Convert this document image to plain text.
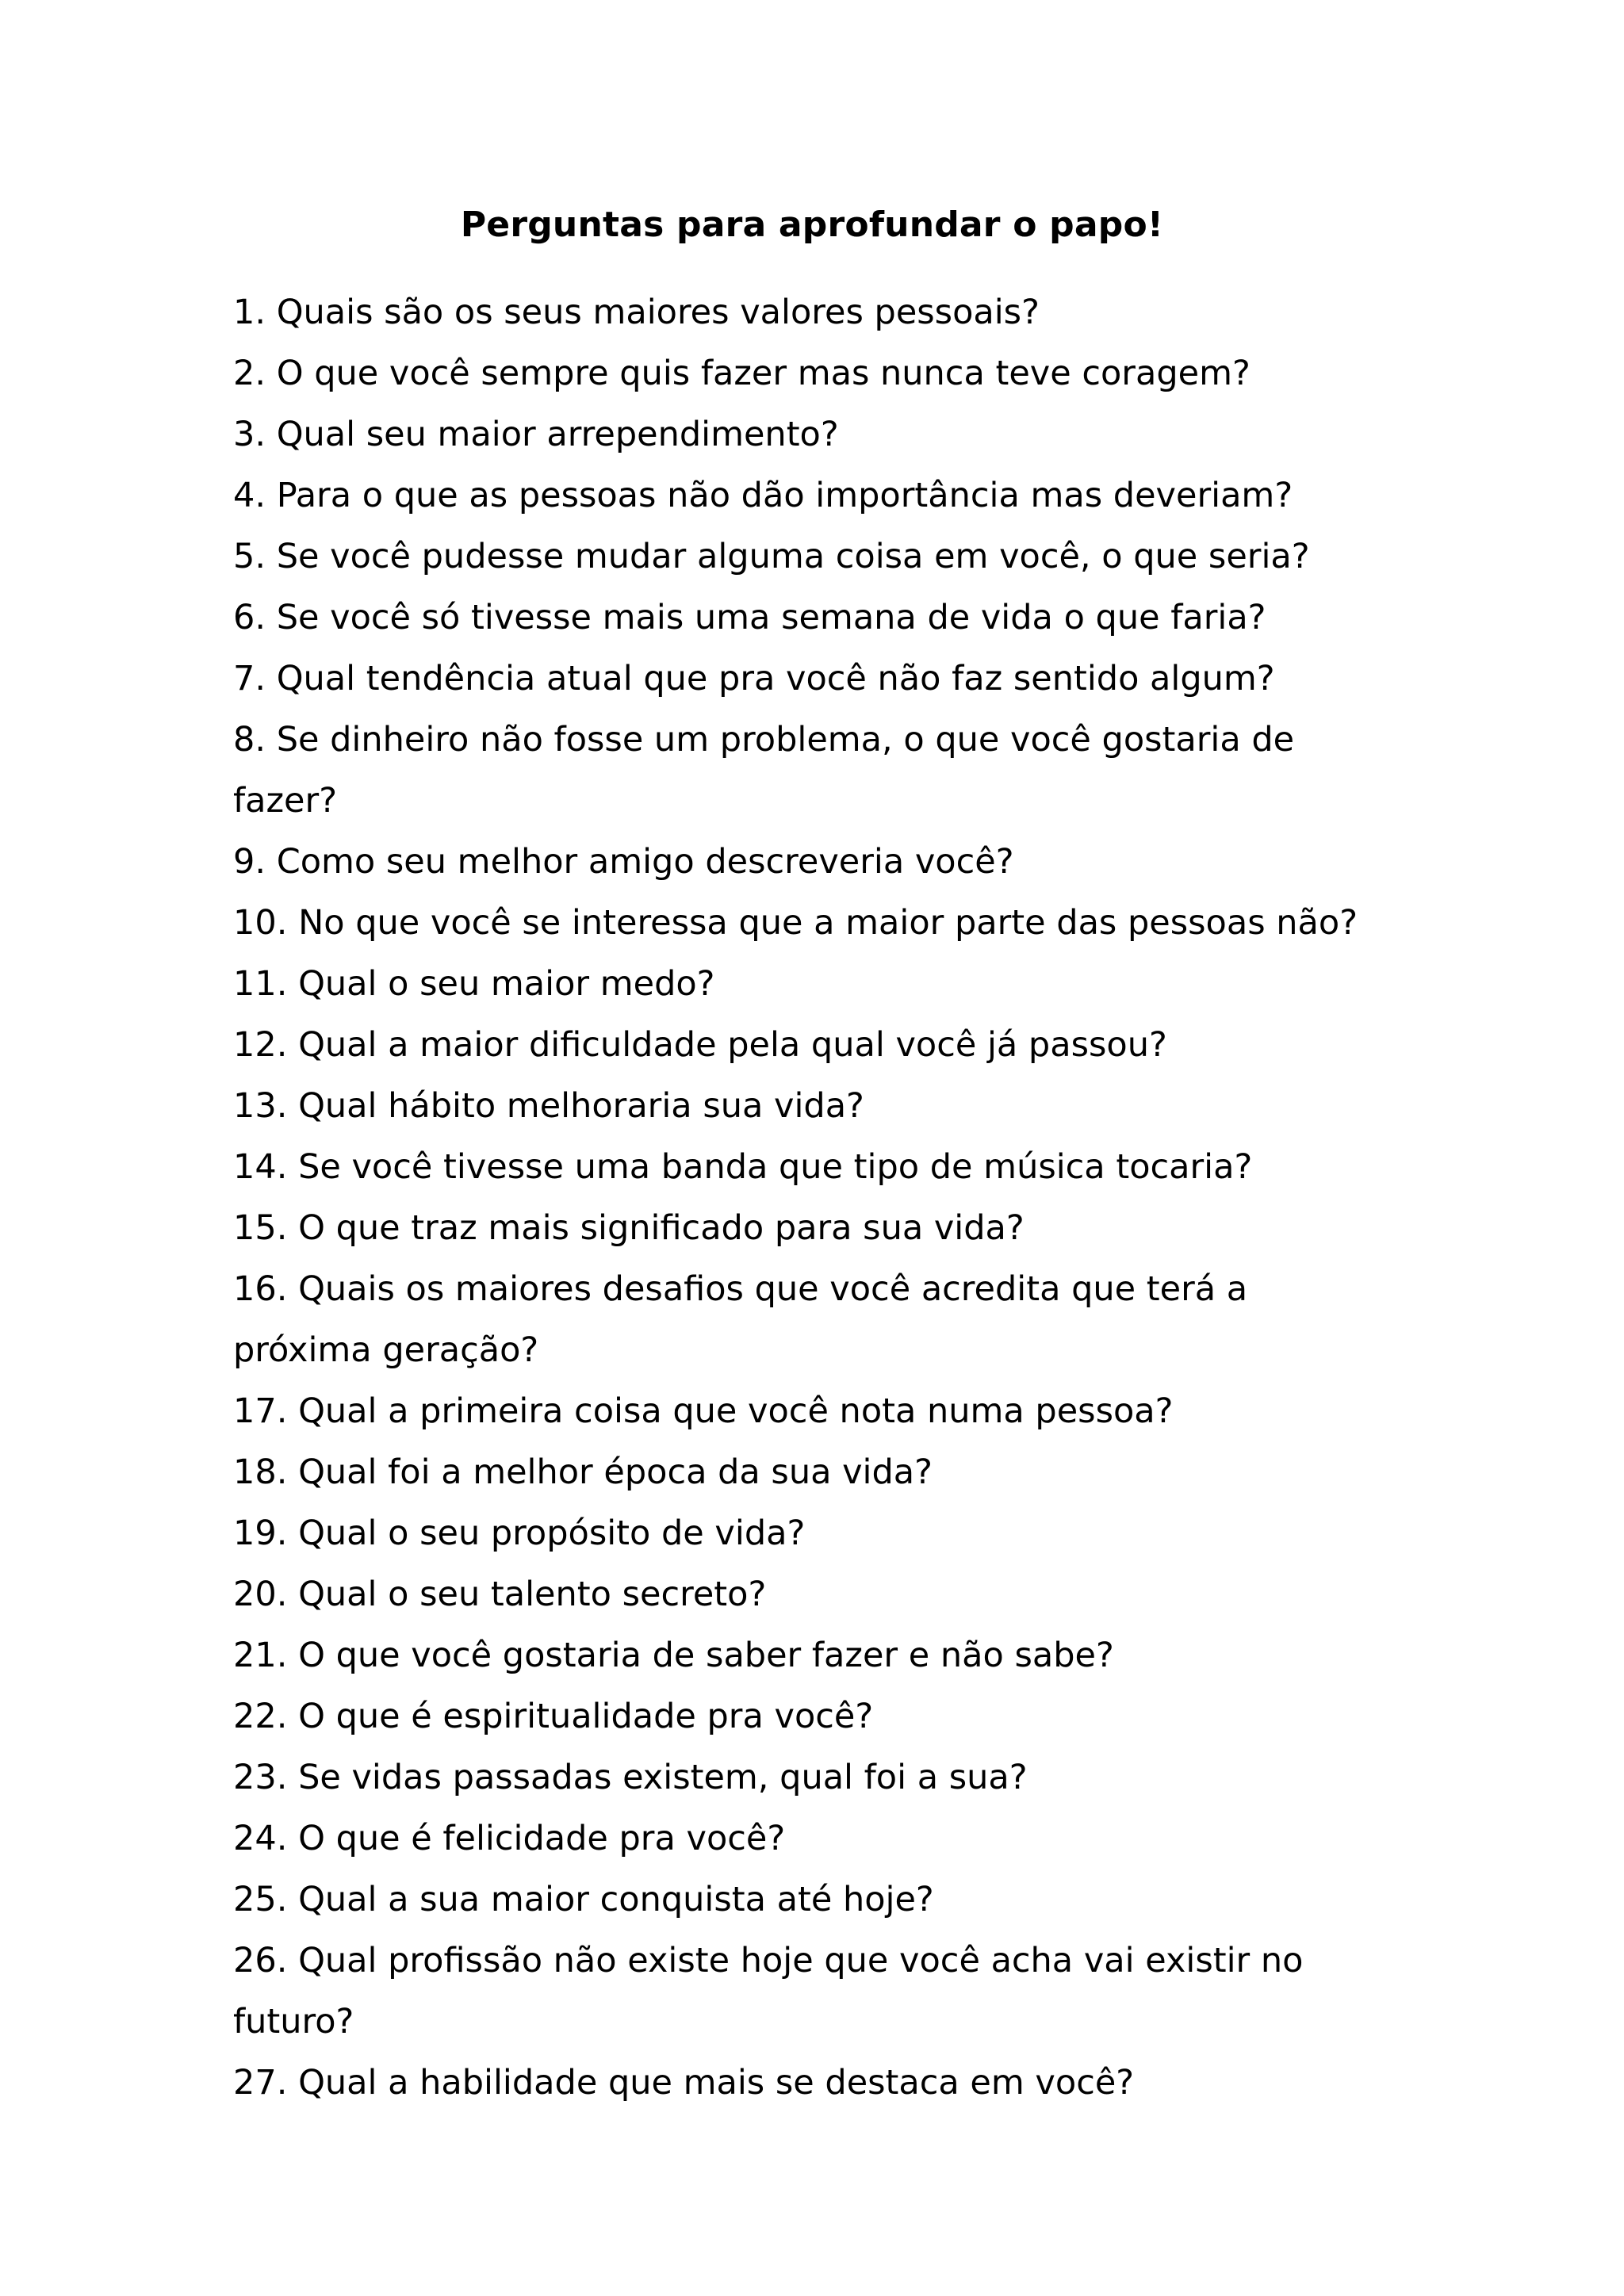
Perguntas para aprofundar o papo!
1. Quais são os seus maiores valores pessoais?
2. O que você sempre quis fazer mas nunca teve coragem?
3. Qual seu maior arrependimento?
4. Para o que as pessoas não dão importância mas deveriam?
5. Se você pudesse mudar alguma coisa em você, o que seria?
6. Se você só tivesse mais uma semana de vida o que faria?
7. Qual tendência atual que pra você não faz sentido algum?
8. Se dinheiro não fosse um problema, o que você gostaria de
fazer?
9. Como seu melhor amigo descreveria você?
10. No que você se interessa que a maior parte das pessoas não?
11. Qual o seu maior medo?
12. Qual a maior dificuldade pela qual você já passou?
13. Qual hábito melhoraria sua vida?
14. Se você tivesse uma banda que tipo de música tocaria?
15. O que traz mais significado para sua vida?
16. Quais os maiores desafios que você acredita que terá a
próxima geração?
17. Qual a primeira coisa que você nota numa pessoa?
18. Qual foi a melhor época da sua vida?
19. Qual o seu propósito de vida?
20. Qual o seu talento secreto?
21. O que você gostaria de saber fazer e não sabe?
22. O que é espiritualidade pra você?
23. Se vidas passadas existem, qual foi a sua?
24. O que é felicidade pra você?
25. Qual a sua maior conquista até hoje?
26. Qual profissão não existe hoje que você acha vai existir no
futuro?
27. Qual a habilidade que mais se destaca em você?
